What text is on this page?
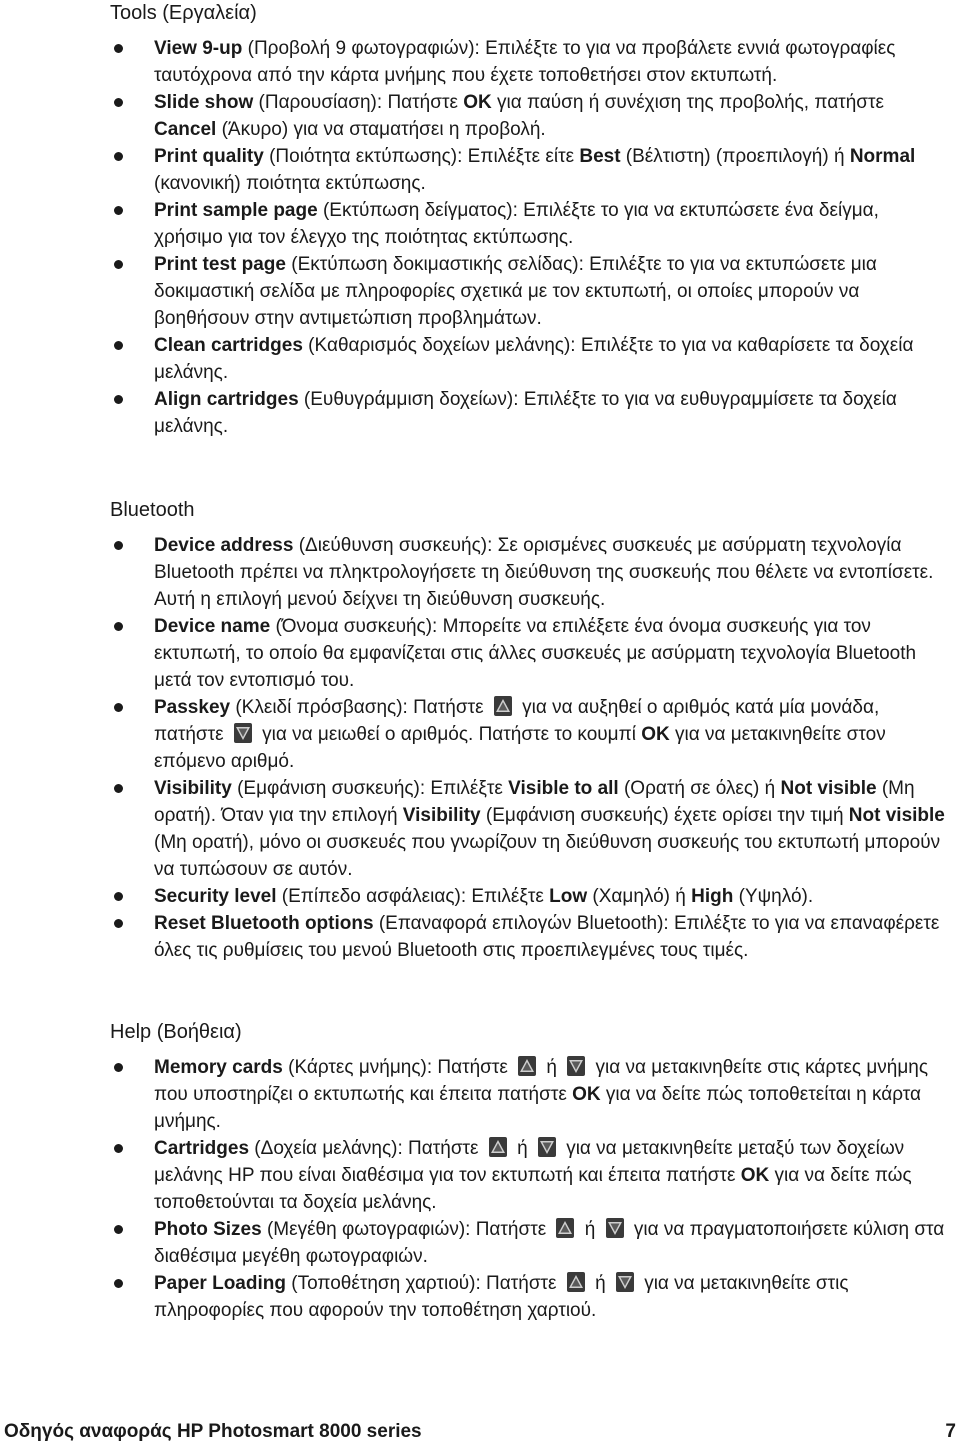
Tools (Εργαλεία)
View 9-up (Προβολή 9 φωτογραφιών): Επιλέξτε το για να προβάλετε εννιά φωτογραφίες ταυτόχρονα από την κάρτα μνήμης που έχετε τοποθετήσει στον εκτυπωτή.
Slide show (Παρουσίαση): Πατήστε OK για παύση ή συνέχιση της προβολής, πατήστε Cancel (Άκυρο) για να σταματήσει η προβολή.
Print quality (Ποιότητα εκτύπωσης): Επιλέξτε είτε Best (Βέλτιστη) (προεπιλογή) ή Normal (κανονική) ποιότητα εκτύπωσης.
Print sample page (Εκτύπωση δείγματος): Επιλέξτε το για να εκτυπώσετε ένα δείγμα, χρήσιμο για τον έλεγχο της ποιότητας εκτύπωσης.
Print test page (Εκτύπωση δοκιμαστικής σελίδας): Επιλέξτε το για να εκτυπώσετε μια δοκιμαστική σελίδα με πληροφορίες σχετικά με τον εκτυπωτή, οι οποίες μπορούν να βοηθήσουν στην αντιμετώπιση προβλημάτων.
Clean cartridges (Καθαρισμός δοχείων μελάνης): Επιλέξτε το για να καθαρίσετε τα δοχεία μελάνης.
Align cartridges (Ευθυγράμμιση δοχείων): Επιλέξτε το για να ευθυγραμμίσετε τα δοχεία μελάνης.
Bluetooth
Device address (Διεύθυνση συσκευής): Σε ορισμένες συσκευές με ασύρματη τεχνολογία Bluetooth πρέπει να πληκτρολογήσετε τη διεύθυνση της συσκευής που θέλετε να εντοπίσετε. Αυτή η επιλογή μενού δείχνει τη διεύθυνση συσκευής.
Device name (Όνομα συσκευής): Μπορείτε να επιλέξετε ένα όνομα συσκευής για τον εκτυπωτή, το οποίο θα εμφανίζεται στις άλλες συσκευές με ασύρματη τεχνολογία Bluetooth μετά τον εντοπισμό του.
Passkey (Κλειδί πρόσβασης): Πατήστε  για να αυξηθεί ο αριθμός κατά μία μονάδα, πατήστε  για να μειωθεί ο αριθμός. Πατήστε το κουμπί OK για να μετακινηθείτε στον επόμενο αριθμό.
Visibility (Εμφάνιση συσκευής): Επιλέξτε Visible to all (Ορατή σε όλες) ή Not visible (Μη ορατή). Όταν για την επιλογή Visibility (Εμφάνιση συσκευής) έχετε ορίσει την τιμή Not visible (Μη ορατή), μόνο οι συσκευές που γνωρίζουν τη διεύθυνση συσκευής του εκτυπωτή μπορούν να τυπώσουν σε αυτόν.
Security level (Επίπεδο ασφάλειας): Επιλέξτε Low (Χαμηλό) ή High (Υψηλό).
Reset Bluetooth options (Επαναφορά επιλογών Bluetooth): Επιλέξτε το για να επαναφέρετε όλες τις ρυθμίσεις του μενού Bluetooth στις προεπιλεγμένες τους τιμές.
Help (Βοήθεια)
Memory cards (Κάρτες μνήμης): Πατήστε  ή  για να μετακινηθείτε στις κάρτες μνήμης που υποστηρίζει ο εκτυπωτής και έπειτα πατήστε OK για να δείτε πώς τοποθετείται η κάρτα μνήμης.
Cartridges (Δοχεία μελάνης): Πατήστε  ή  για να μετακινηθείτε μεταξύ των δοχείων μελάνης HP που είναι διαθέσιμα για τον εκτυπωτή και έπειτα πατήστε OK για να δείτε πώς τοποθετούνται τα δοχεία μελάνης.
Photo Sizes (Μεγέθη φωτογραφιών): Πατήστε  ή  για να πραγματοποιήσετε κύλιση στα διαθέσιμα μεγέθη φωτογραφιών.
Paper Loading (Τοποθέτηση χαρτιού): Πατήστε  ή  για να μετακινηθείτε στις πληροφορίες που αφορούν την τοποθέτηση χαρτιού.
Οδηγός αναφοράς HP Photosmart 8000 series	7
